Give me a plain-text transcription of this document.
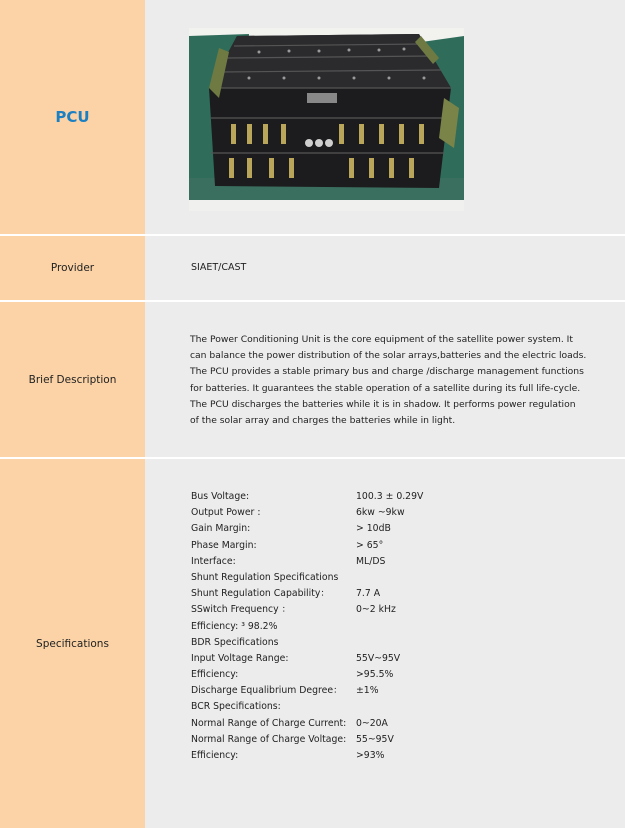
PCU
Provider	SIAET/CAST
Brief Description

The Power Conditioning Unit is the core equipment of the satellite power system. It

can balance the power distribution of the solar arrays,batteries and the electric loads.

The PCU provides a stable primary bus and charge /discharge management functions

for batteries. It guarantees the stable operation of a satellite during its full life-cycle.

The PCU discharges the batteries while it is in shadow. It performs power regulation

of the solar array and charges the batteries while in light.

Specifications
Bus Voltage:	100.3 ± 0.29V
Output Power :	6kw ~9kw
Gain Margin:	> 10dB
Phase Margin:	> 65°
Interface:	ML/DS
Shunt Regulation Specifications
Shunt Regulation Capability：	7.7 A
SSwitch Frequency ：	0~2 kHz
Efficiency: ³ 98.2%
BDR Specifications
Input Voltage Range:	55V~95V
Efficiency:	>95.5%
Discharge Equalibrium Degree：	±1%
BCR Specifications:
Normal Range of Charge Current:	0~20A
Normal Range of Charge Voltage:	55~95V
Efficiency:	>93%
